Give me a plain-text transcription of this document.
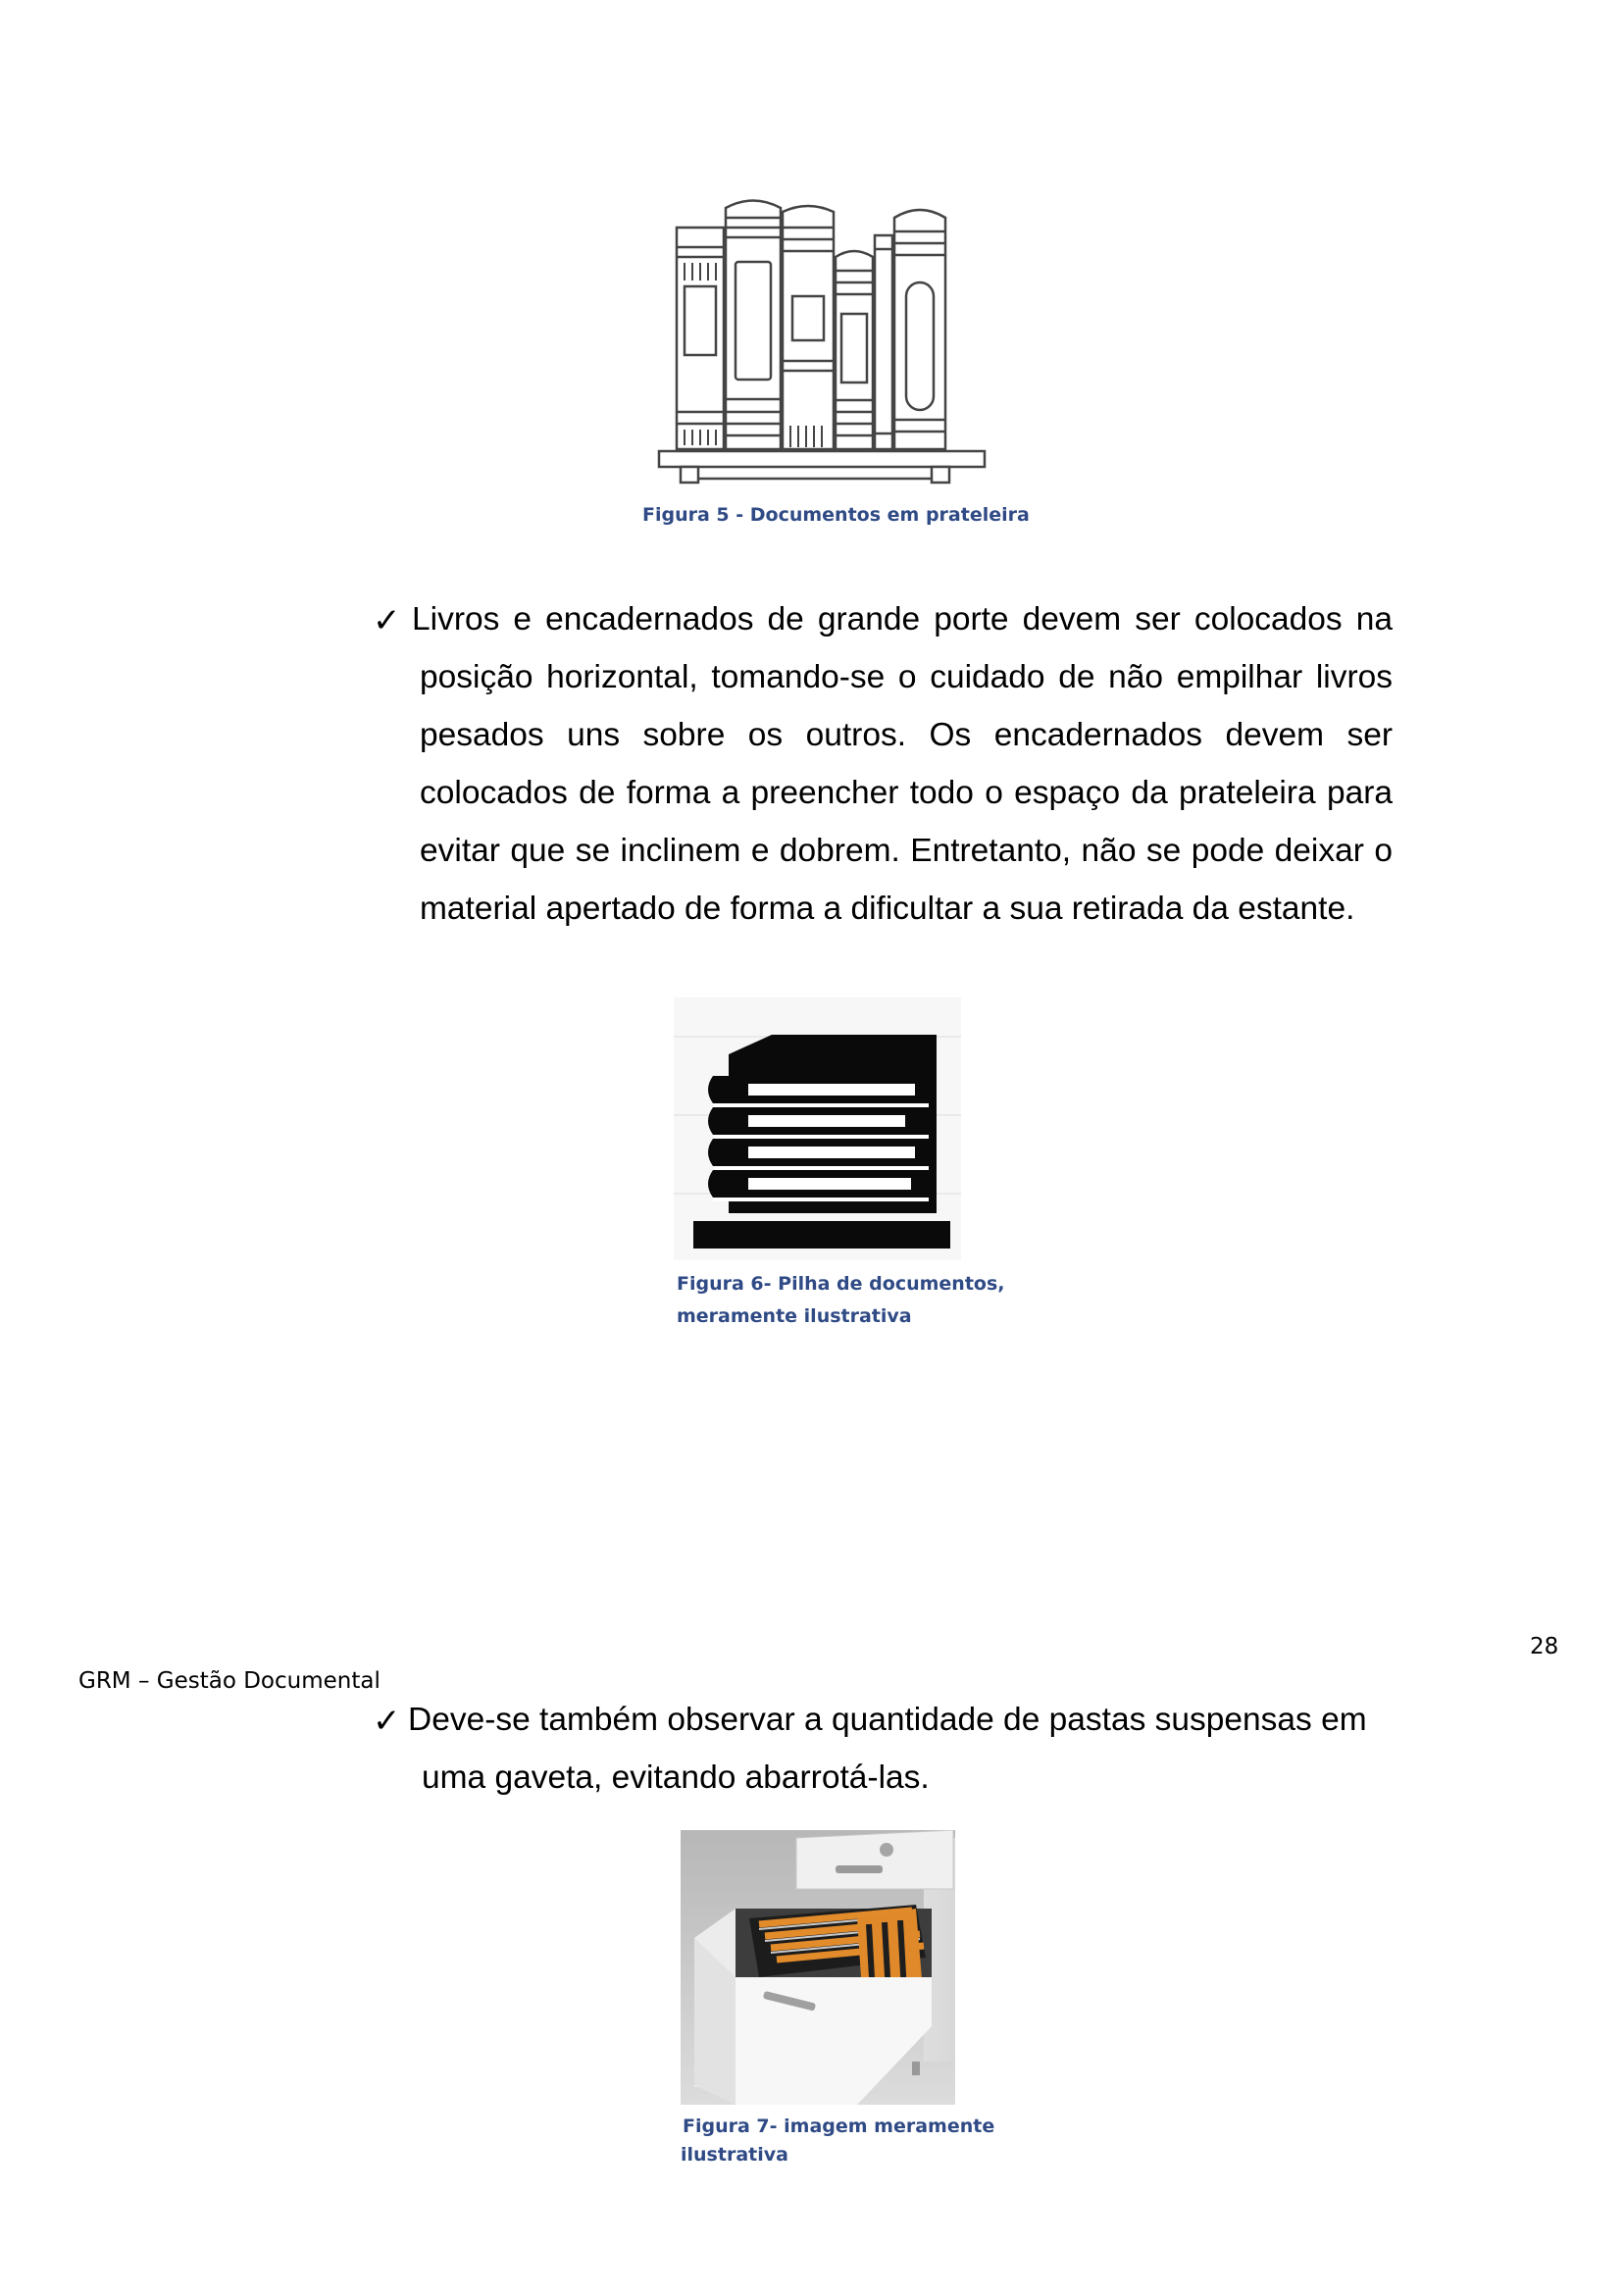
Figura 5 - Documentos em prateleira
✓ Livros e encadernados de grande porte devem ser colocados na
posição horizontal, tomando-se o cuidado de não empilhar livros
pesados uns sobre os outros. Os encadernados devem ser
colocados de forma a preencher todo o espaço da prateleira para
evitar que se inclinem e dobrem. Entretanto, não se pode deixar o
material apertado de forma a dificultar a sua retirada da estante.
Figura 6- Pilha de documentos,
meramente ilustrativa
28
GRM – Gestão Documental
✓ Deve-se também observar a quantidade de pastas suspensas em
uma gaveta, evitando abarrotá-las.
Figura 7- imagem meramente
ilustrativa
